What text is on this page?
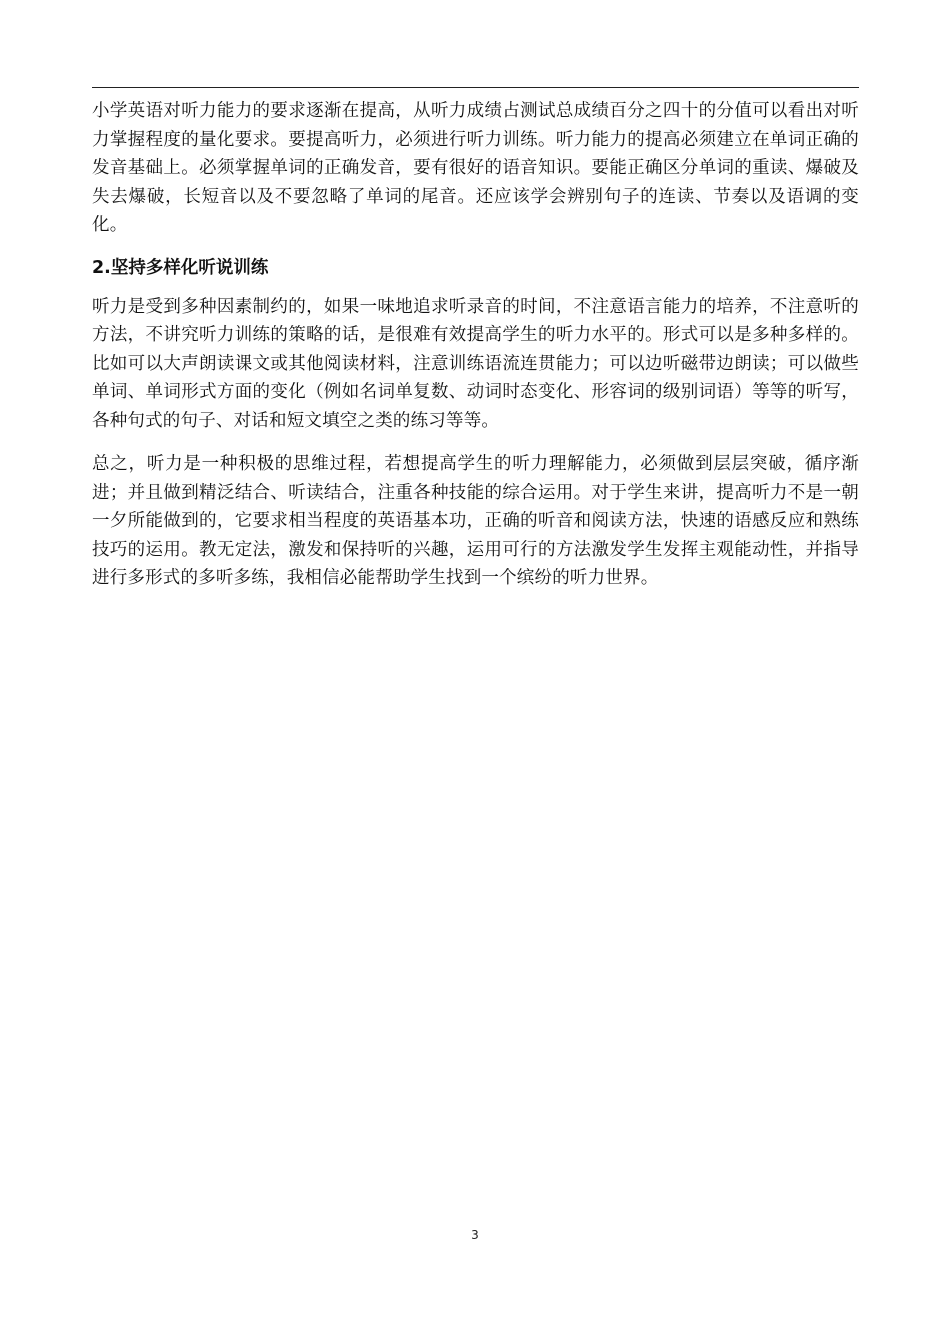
小学英语对听力能力的要求逐渐在提高，从听力成绩占测试总成绩百分之四十的分值可以看出对听力掌握程度的量化要求。要提高听力，必须进行听力训练。听力能力的提高必须建立在单词正确的发音基础上。必须掌握单词的正确发音，要有很好的语音知识。要能正确区分单词的重读、爆破及失去爆破，长短音以及不要忽略了单词的尾音。还应该学会辨别句子的连读、节奏以及语调的变化。

2.坚持多样化听说训练

听力是受到多种因素制约的，如果一味地追求听录音的时间，不注意语言能力的培养，不注意听的方法，不讲究听力训练的策略的话，是很难有效提高学生的听力水平的。形式可以是多种多样的。比如可以大声朗读课文或其他阅读材料，注意训练语流连贯能力；可以边听磁带边朗读；可以做些单词、单词形式方面的变化（例如名词单复数、动词时态变化、形容词的级别词语）等等的听写，各种句式的句子、对话和短文填空之类的练习等等。

总之，听力是一种积极的思维过程，若想提高学生的听力理解能力，必须做到层层突破，循序渐进；并且做到精泛结合、听读结合，注重各种技能的综合运用。对于学生来讲，提高听力不是一朝一夕所能做到的，它要求相当程度的英语基本功，正确的听音和阅读方法，快速的语感反应和熟练技巧的运用。教无定法，激发和保持听的兴趣，运用可行的方法激发学生发挥主观能动性，并指导进行多形式的多听多练，我相信必能帮助学生找到一个缤纷的听力世界。

3
